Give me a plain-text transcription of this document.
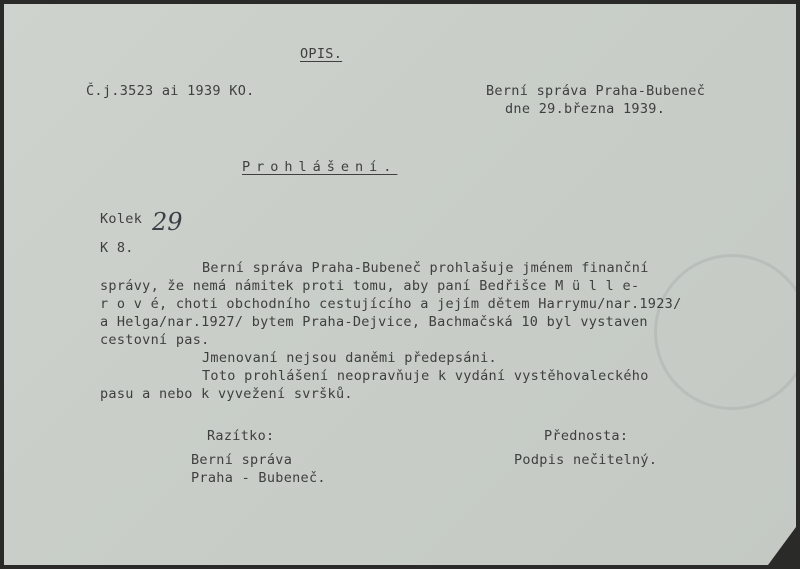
OPIS.
Č.j.3523 ai 1939 KO.	Berní správa Praha-Bubeneč
dne 29.března 1939.
Prohlášení.
Kolek 29
K 8.
Berní správa Praha-Bubeneč prohlašuje jménem finanční
správy, že nemá námitek proti tomu, aby paní Bedřišce M ü l l e-
r o v é, choti obchodního cestujícího a jejím dětem Harrymu/nar.1923/
a Helga/nar.1927/ bytem Praha-Dejvice, Bachmačská 10 byl vystaven
cestovní pas.
Jmenovaní nejsou daněmi předepsáni.
Toto prohlášení neopravňuje k vydání vystěhovaleckého
pasu a nebo k vyvežení svršků.
Razítko:
Berní správa
Praha - Bubeneč.
Přednosta:
Podpis nečitelný.
